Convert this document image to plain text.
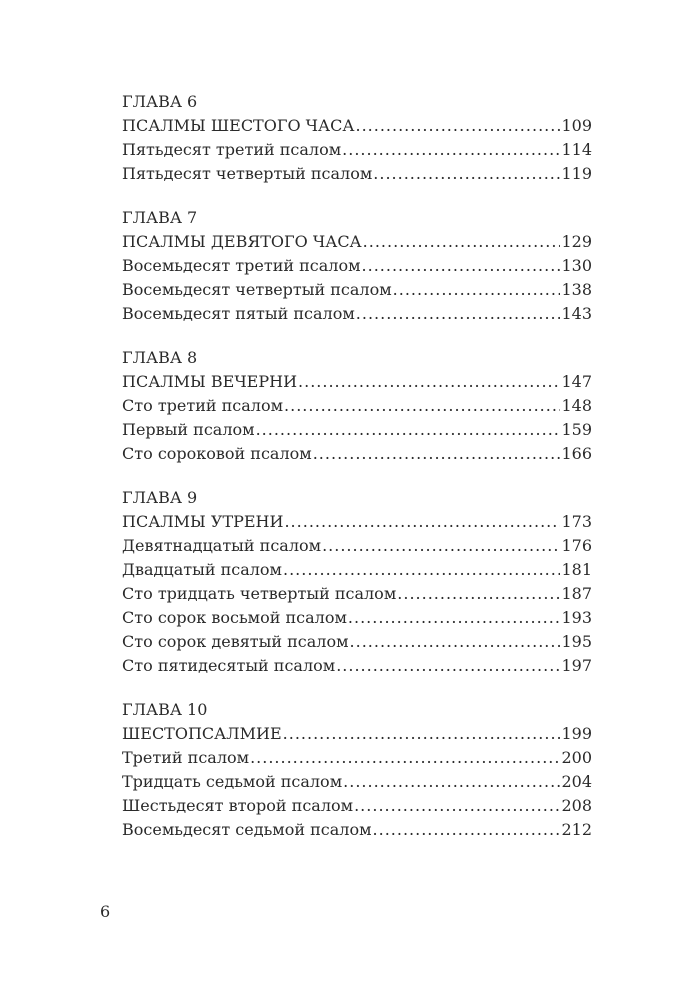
ГЛАВА 6
ПСАЛМЫ ШЕСТОГО ЧАСА .....	109
Пятьдесят третий псалом .....	114
Пятьдесят четвертый псалом .....	119
ГЛАВА 7
ПСАЛМЫ ДЕВЯТОГО ЧАСА .....	129
Восемьдесят третий псалом .....	130
Восемьдесят четвертый псалом .....	138
Восемьдесят пятый псалом .....	143
ГЛАВА 8
ПСАЛМЫ ВЕЧЕРНИ .....	147
Сто третий псалом .....	148
Первый псалом .....	159
Сто сороковой псалом .....	166
ГЛАВА 9
ПСАЛМЫ УТРЕНИ .....	173
Девятнадцатый псалом .....	176
Двадцатый псалом .....	181
Сто тридцать четвертый псалом .....	187
Сто сорок восьмой псалом .....	193
Сто сорок девятый псалом .....	195
Сто пятидесятый псалом .....	197
ГЛАВА 10
ШЕСТОПСАЛМИЕ .....	199
Третий псалом .....	200
Тридцать седьмой псалом .....	204
Шестьдесят второй псалом .....	208
Восемьдесят седьмой псалом .....	212
6
